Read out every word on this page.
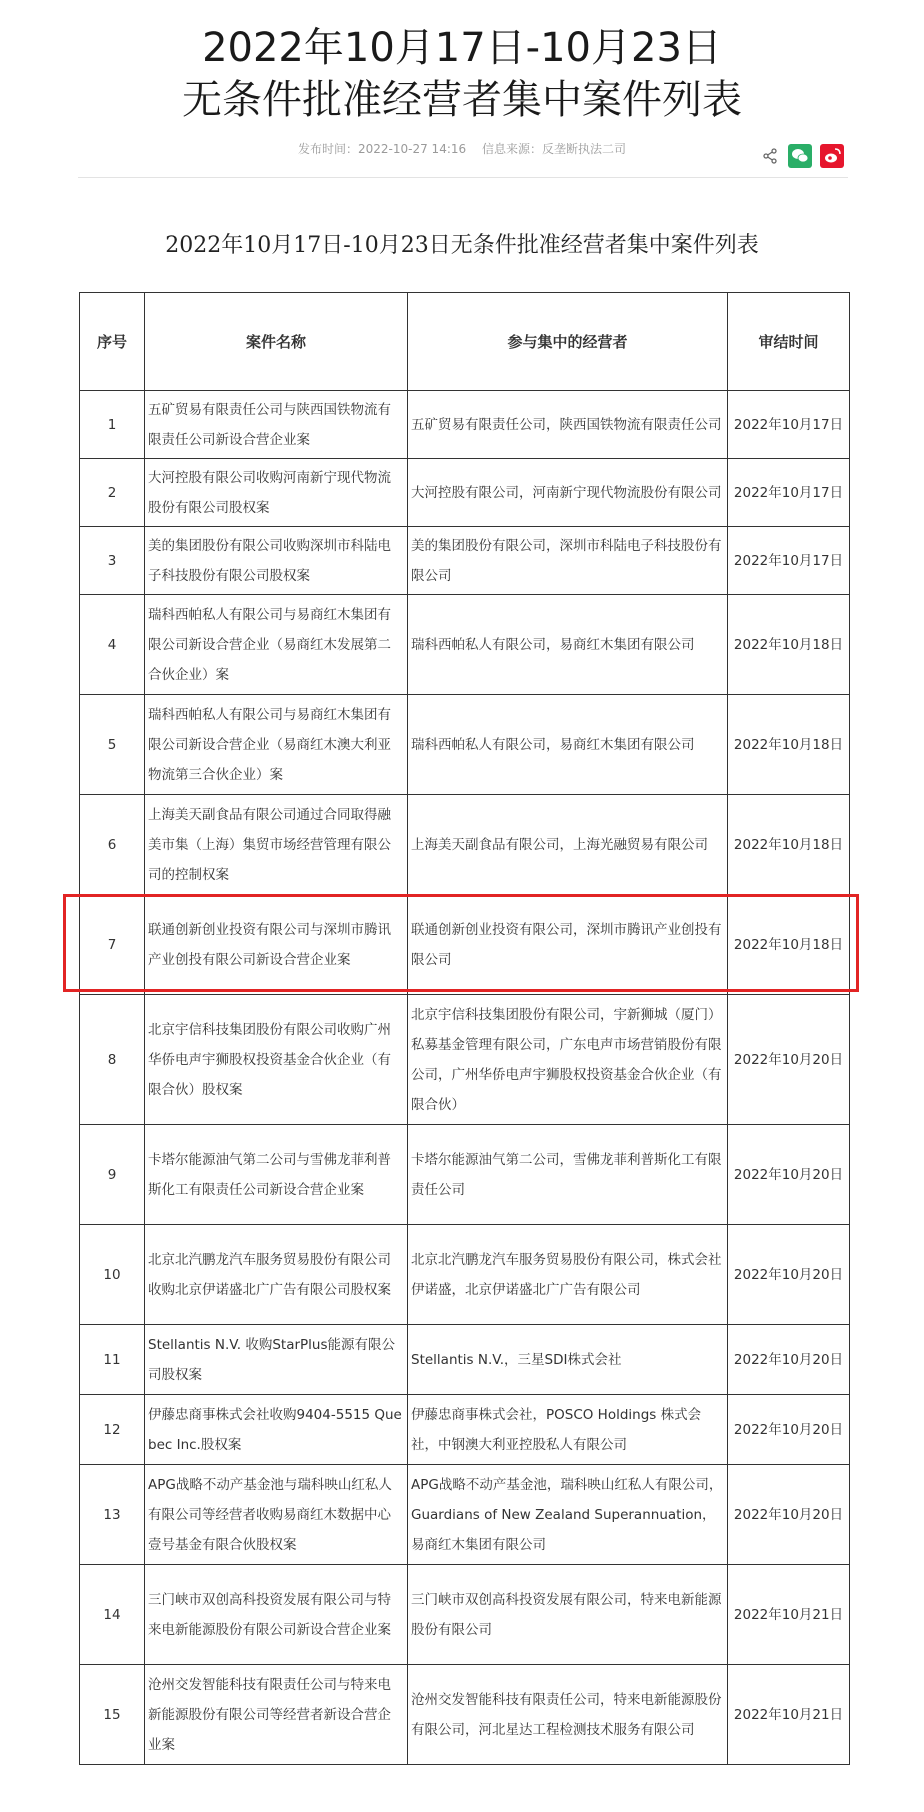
2022年10月17日-10月23日
无条件批准经营者集中案件列表
发布时间：2022-10-27 14:16 信息来源：反垄断执法二司
2022年10月17日-10月23日无条件批准经营者集中案件列表
序号	案件名称	参与集中的经营者	审结时间
1	五矿贸易有限责任公司与陕西国铁物流有限责任公司新设合营企业案	五矿贸易有限责任公司，陕西国铁物流有限责任公司	2022年10月17日
2	大河控股有限公司收购河南新宁现代物流股份有限公司股权案	大河控股有限公司，河南新宁现代物流股份有限公司	2022年10月17日
3	美的集团股份有限公司收购深圳市科陆电子科技股份有限公司股权案	美的集团股份有限公司，深圳市科陆电子科技股份有限公司	2022年10月17日
4	瑞科西帕私人有限公司与易商红木集团有限公司新设合营企业（易商红木发展第二合伙企业）案	瑞科西帕私人有限公司，易商红木集团有限公司	2022年10月18日
5	瑞科西帕私人有限公司与易商红木集团有限公司新设合营企业（易商红木澳大利亚物流第三合伙企业）案	瑞科西帕私人有限公司，易商红木集团有限公司	2022年10月18日
6	上海美天副食品有限公司通过合同取得融美市集（上海）集贸市场经营管理有限公司的控制权案	上海美天副食品有限公司，上海光融贸易有限公司	2022年10月18日
7	联通创新创业投资有限公司与深圳市腾讯产业创投有限公司新设合营企业案	联通创新创业投资有限公司，深圳市腾讯产业创投有限公司	2022年10月18日
8	北京宇信科技集团股份有限公司收购广州华侨电声宇狮股权投资基金合伙企业（有限合伙）股权案	北京宇信科技集团股份有限公司，宇新狮城（厦门）私募基金管理有限公司，广东电声市场营销股份有限公司，广州华侨电声宇狮股权投资基金合伙企业（有限合伙）	2022年10月20日
9	卡塔尔能源油气第二公司与雪佛龙菲利普斯化工有限责任公司新设合营企业案	卡塔尔能源油气第二公司，雪佛龙菲利普斯化工有限责任公司	2022年10月20日
10	北京北汽鹏龙汽车服务贸易股份有限公司收购北京伊诺盛北广广告有限公司股权案	北京北汽鹏龙汽车服务贸易股份有限公司，株式会社伊诺盛，北京伊诺盛北广广告有限公司	2022年10月20日
11	Stellantis N.V. 收购StarPlus能源有限公司股权案	Stellantis N.V.，三星SDI株式会社	2022年10月20日
12	伊藤忠商事株式会社收购9404-5515 Quebec Inc.股权案	伊藤忠商事株式会社，POSCO Holdings 株式会社，中钢澳大利亚控股私人有限公司	2022年10月20日
13	APG战略不动产基金池与瑞科映山红私人有限公司等经营者收购易商红木数据中心壹号基金有限合伙股权案	APG战略不动产基金池，瑞科映山红私人有限公司，Guardians of New Zealand Superannuation，易商红木集团有限公司	2022年10月20日
14	三门峡市双创高科投资发展有限公司与特来电新能源股份有限公司新设合营企业案	三门峡市双创高科投资发展有限公司，特来电新能源股份有限公司	2022年10月21日
15	沧州交发智能科技有限责任公司与特来电新能源股份有限公司等经营者新设合营企业案	沧州交发智能科技有限责任公司，特来电新能源股份有限公司，河北星达工程检测技术服务有限公司	2022年10月21日
